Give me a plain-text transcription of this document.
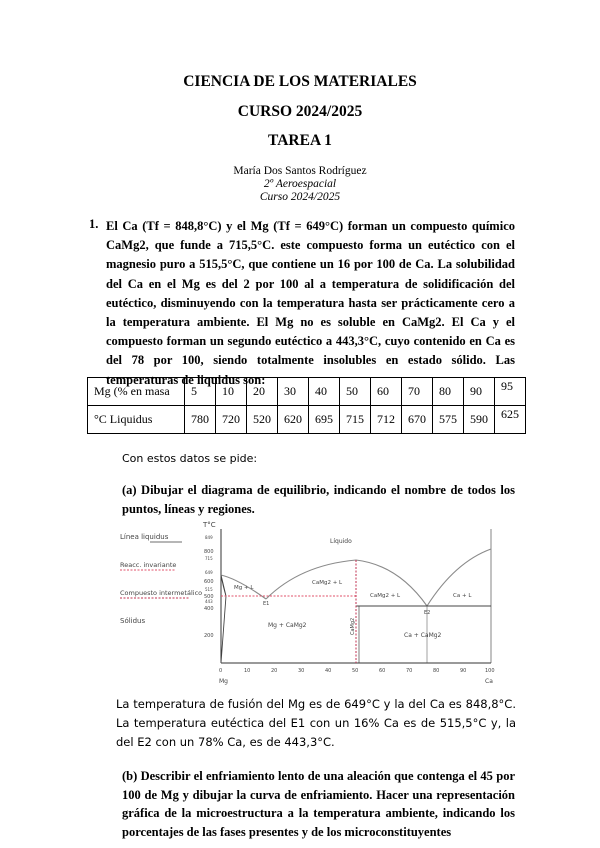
CIENCIA DE LOS MATERIALES
CURSO 2024/2025
TAREA 1
María Dos Santos Rodríguez
2º Aeroespacial
Curso 2024/2025
1. El Ca (Tf = 848,8°C) y el Mg (Tf = 649°C) forman un compuesto químico CaMg2, que funde a 715,5°C. este compuesto forma un eutéctico con el magnesio puro a 515,5°C, que contiene un 16 por 100 de Ca. La solubilidad del Ca en el Mg es del 2 por 100 al a temperatura de solidificación del eutéctico, disminuyendo con la temperatura hasta ser prácticamente cero a la temperatura ambiente. El Mg no es soluble en CaMg2. El Ca y el compuesto forman un segundo eutéctico a 443,3°C, cuyo contenido en Ca es del 78 por 100, siendo totalmente insolubles en estado sólido. Las temperaturas de liquidus son:
Mg (% en masa	5	10	20	30	40	50	60	70	80	90	95
°C Liquidus	780	720	520	620	695	715	712	670	575	590	625
Con estos datos se pide:
(a) Dibujar el diagrama de equilibrio, indicando el nombre de todos los puntos, líneas y regiones.
Línea liquidus
Reacc. invariante
Compuesto intermetálico
Sólidus
T°C
849
800
715
649
600
515
500
443
400
200
0	10	20	30	40	50	60	70	80	90	100
Mg	Ca
Líquido
Mg + L
CaMg2 + L
CaMg2 + L	Ca + L
Mg + CaMg2
Ca + CaMg2
CaMg2
E1
E2
La temperatura de fusión del Mg es de 649°C y la del Ca es 848,8°C. La temperatura eutéctica del E1 con un 16% Ca es de 515,5°C y, la del E2 con un 78% Ca, es de 443,3°C.
(b) Describir el enfriamiento lento de una aleación que contenga el 45 por 100 de Mg y dibujar la curva de enfriamiento. Hacer una representación gráfica de la microestructura a la temperatura ambiente, indicando los porcentajes de las fases presentes y de los microconstituyentes
